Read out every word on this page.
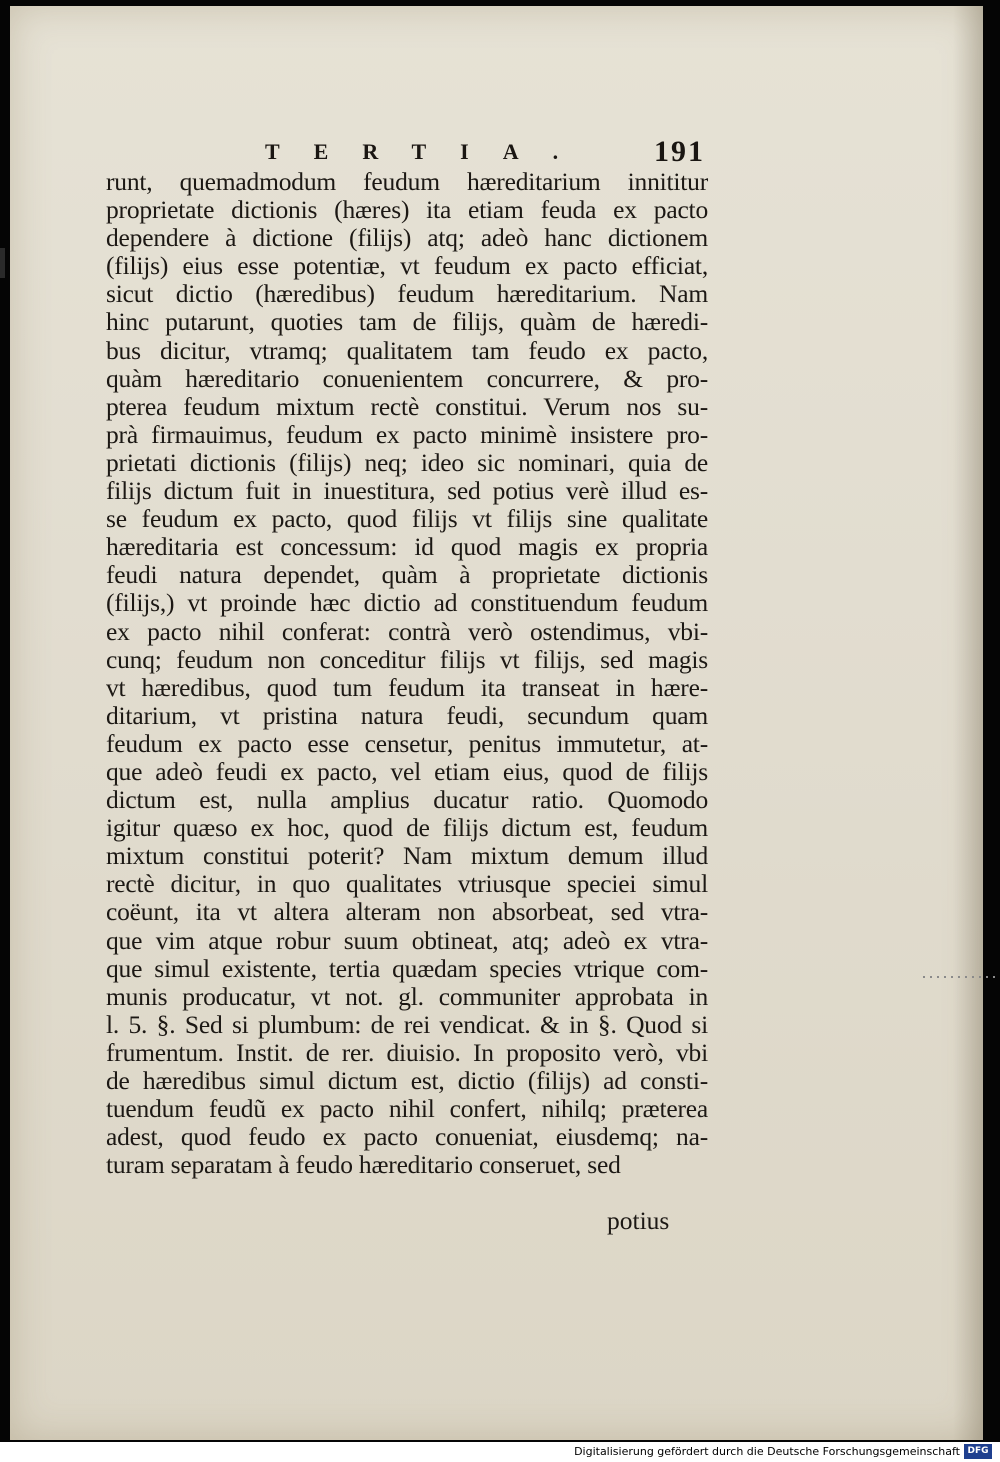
TERTIA. 191
runt, quemadmodum feudum hæreditarium innititur
proprietate dictionis (hæres) ita etiam feuda ex pacto
dependere à dictione (filijs) atq; adeò hanc dictionem
(filijs) eius esse potentiæ, vt feudum ex pacto efficiat,
sicut dictio (hæredibus) feudum hæreditarium. Nam
hinc putarunt, quoties tam de filijs, quàm de hæredi-
bus dicitur, vtramq; qualitatem tam feudo ex pacto,
quàm hæreditario conuenientem concurrere, & pro-
pterea feudum mixtum rectè constitui. Verum nos su-
prà firmauimus, feudum ex pacto minimè insistere pro-
prietati dictionis (filijs) neq; ideo sic nominari, quia de
filijs dictum fuit in inuestitura, sed potius verè illud es-
se feudum ex pacto, quod filijs vt filijs sine qualitate
hæreditaria est concessum: id quod magis ex propria
feudi natura dependet, quàm à proprietate dictionis
(filijs,) vt proinde hæc dictio ad constituendum feudum
ex pacto nihil conferat: contrà verò ostendimus, vbi-
cunq; feudum non conceditur filijs vt filijs, sed magis
vt hæredibus, quod tum feudum ita transeat in hære-
ditarium, vt pristina natura feudi, secundum quam
feudum ex pacto esse censetur, penitus immutetur, at-
que adeò feudi ex pacto, vel etiam eius, quod de filijs
dictum est, nulla amplius ducatur ratio. Quomodo
igitur quæso ex hoc, quod de filijs dictum est, feudum
mixtum constitui poterit? Nam mixtum demum illud
rectè dicitur, in quo qualitates vtriusque speciei simul
coëunt, ita vt altera alteram non absorbeat, sed vtra-
que vim atque robur suum obtineat, atq; adeò ex vtra-
que simul existente, tertia quædam species vtrique com-
munis producatur, vt not. gl. communiter approbata in
l. 5. §. Sed si plumbum: de rei vendicat. & in §. Quod si
frumentum. Instit. de rer. diuisio. In proposito verò, vbi
de hæredibus simul dictum est, dictio (filijs) ad consti-
tuendum feudũ ex pacto nihil confert, nihilq; præterea
adest, quod feudo ex pacto conueniat, eiusdemq; na-
turam separatam à feudo hæreditario conseruet, sed
potius
Digitalisierung gefördert durch die Deutsche Forschungsgemeinschaft DFG
